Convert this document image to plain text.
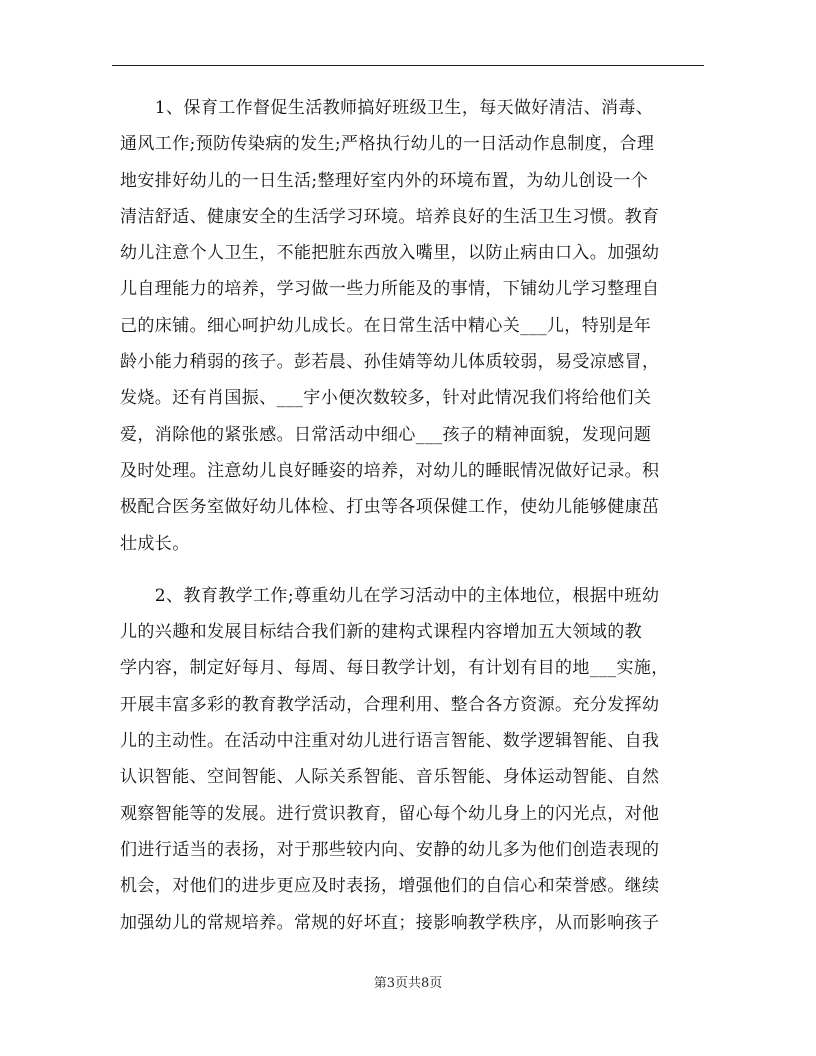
　　1、保育工作督促生活教师搞好班级卫生，每天做好清洁、消毒、
通风工作;预防传染病的发生;严格执行幼儿的一日活动作息制度，合理
地安排好幼儿的一日生活;整理好室内外的环境布置，为幼儿创设一个
清洁舒适、健康安全的生活学习环境。培养良好的生活卫生习惯。教育
幼儿注意个人卫生，不能把脏东西放入嘴里，以防止病由口入。加强幼
儿自理能力的培养，学习做一些力所能及的事情，下铺幼儿学习整理自
己的床铺。细心呵护幼儿成长。在日常生活中精心关___儿，特别是年
龄小能力稍弱的孩子。彭若晨、孙佳婧等幼儿体质较弱，易受凉感冒，
发烧。还有肖国振、___宇小便次数较多，针对此情况我们将给他们关
爱，消除他的紧张感。日常活动中细心___孩子的精神面貌，发现问题
及时处理。注意幼儿良好睡姿的培养，对幼儿的睡眠情况做好记录。积
极配合医务室做好幼儿体检、打虫等各项保健工作，使幼儿能够健康茁
壮成长。
　　2、教育教学工作;尊重幼儿在学习活动中的主体地位，根据中班幼
儿的兴趣和发展目标结合我们新的建构式课程内容增加五大领域的教
学内容，制定好每月、每周、每日教学计划，有计划有目的地___实施，
开展丰富多彩的教育教学活动，合理利用、整合各方资源。充分发挥幼
儿的主动性。在活动中注重对幼儿进行语言智能、数学逻辑智能、自我
认识智能、空间智能、人际关系智能、音乐智能、身体运动智能、自然
观察智能等的发展。进行赏识教育，留心每个幼儿身上的闪光点，对他
们进行适当的表扬，对于那些较内向、安静的幼儿多为他们创造表现的
机会，对他们的进步更应及时表扬，增强他们的自信心和荣誉感。继续
加强幼儿的常规培养。常规的好坏直；接影响教学秩序，从而影响孩子
第3页共8页
